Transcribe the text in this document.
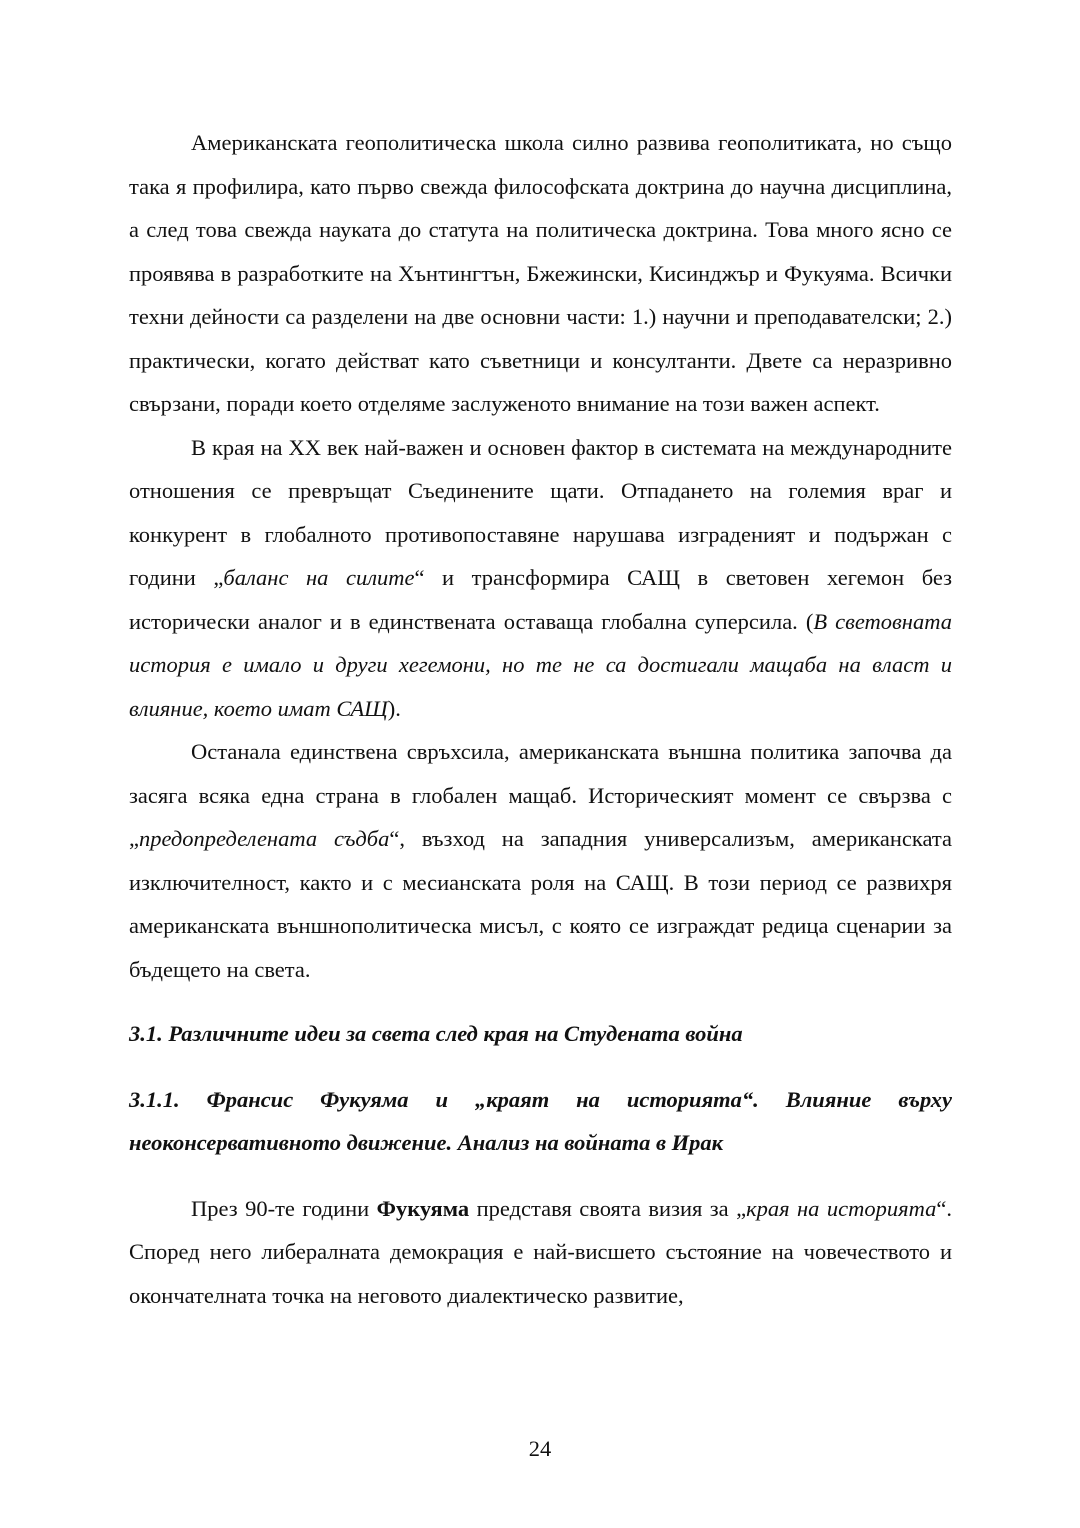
Американската геополитическа школа силно развива геополитиката, но също така я профилира, като първо свежда философската доктрина до научна дисциплина, а след това свежда науката до статута на политическа доктрина. Това много ясно се проявява в разработките на Хънтингтън, Бжежински, Кисинджър и Фукуяма. Всички техни дейности са разделени на две основни части: 1.) научни и преподавателски; 2.) практически, когато действат като съветници и консултанти. Двете са неразривно свързани, поради което отделяме заслуженото внимание на този важен аспект.

В края на XX век най-важен и основен фактор в системата на международните отношения се превръщат Съединените щати. Отпадането на големия враг и конкурент в глобалното противопоставяне нарушава изграденият и подържан с години „баланс на силите“ и трансформира САЩ в световен хегемон без исторически аналог и в единствената оставаща глобална суперсила. (В световната история е имало и други хегемони, но те не са достигали мащаба на власт и влияние, което имат САЩ).

Останала единствена свръхсила, американската външна политика започва да засяга всяка една страна в глобален мащаб. Историческият момент се свързва с „предопределената съдба“, възход на западния универсализъм, американската изключителност, както и с месианската роля на САЩ. В този период се развихря американската външнополитическа мисъл, с която се изграждат редица сценарии за бъдещето на света.

3.1. Различните идеи за света след края на Студената война
3.1.1. Франсис Фукуяма и „краят на историята“. Влияние върху неоконсервативното движение. Анализ на войната в Ирак

През 90-те години Фукуяма представя своята визия за „края на историята“. Според него либералната демокрация е най-висшето състояние на човечеството и окончателната точка на неговото диалектическо развитие,

24
